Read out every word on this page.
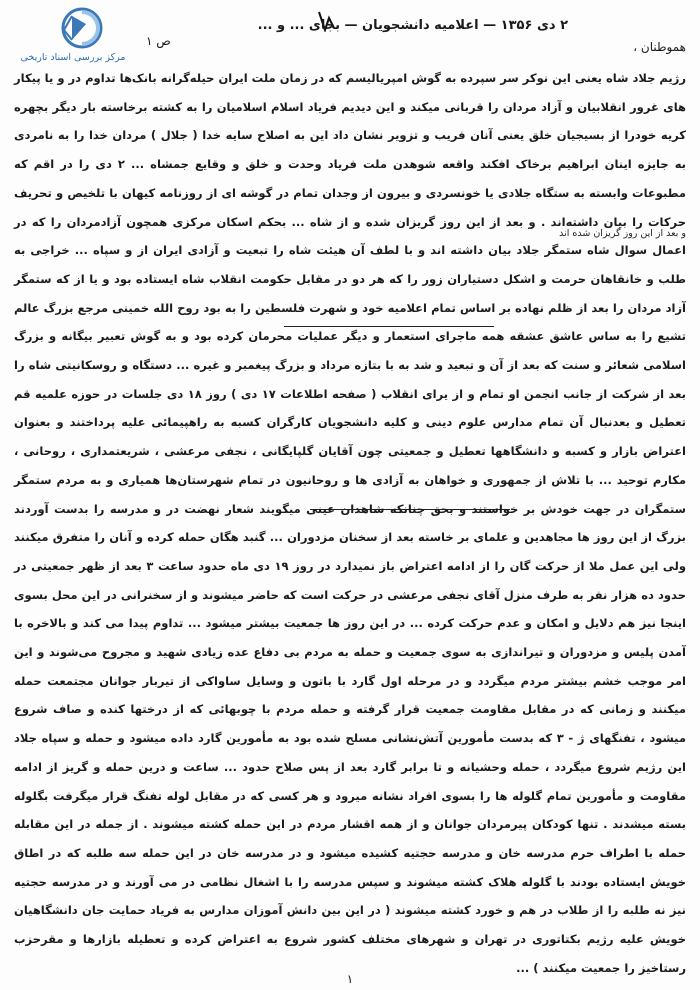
مرکز بررسی اسناد تاریخی
۲ دی ۱۳۵۶ — اعلامیه دانشجویان — بجای ... و ...
ص ۱	هموطنان ،
و بعد از این روز گریزان شده اند

رژیم جلاد شاه یعنی این نوکر سر سپرده به گوش امپریالیسم که در زمان ملت ایران حیله‌گرانه بانک‌ها تداوم در و یا پیکار های غرور انقلابیان و آزاد مردان را قربانی میکند و این دیدیم فریاد اسلام اسلامیان را به کشته برخاسته بار دیگر بچهره کریه خودرا از بسیجیان خلق یعنی آنان فریب و تزویر نشان داد این به اصلاح سایه خدا ( جلال ) مردان خدا را به نامردی به جایزه اینان ابراهیم برخاک افکند واقعه شوهدن ملت فریاد وحدت و خلق و وقایع جمشاه ... ۲ دی را در اقم که مطبوعات وابسته به ستگاه جلادی یا خونسردی و بیرون از وجدان تمام در گوشه ای از روزنامه کیهان با تلخیص و تحریف حرکات را بیان داشته‌اند . و بعد از این روز گریزان شده و از شاه ... بحکم اسکان مرکزی همچون آزادمردان را که در اعمال سوال شاه ستمگر جلاد بیان داشته اند و با لطف آن هیئت شاه را تبعیت و آزادی ایران از و سپاه ... خراجی به طلب و خانقاهان حرمت و اشکل دستیاران زور را که هر دو در مقابل حکومت انقلاب شاه ایستاده بود و یا از که ستمگر آزاد مردان را بعد از ظلم نهاده بر اساس تمام اعلامیه خود و شهرت فلسطین را به بود روح الله خمینی مرجع بزرگ عالم تشیع را به ساس عاشق عشقه همه ماجرای استعمار و دیگر عملیات محرمان کرده بود و به گوش تعبیر بیگانه و بزرگ اسلامی شعائر و سنت که بعد از آن و تبعید و شد به با بتازه مرداد و بزرگ پیغمبر و غیره ... دستگاه و روسکانیتی شاه را بعد از شرکت از جانب انجمن او تمام و از یرای انقلاب ( صفحه اطلاعات ۱۷ دی ) روز ۱۸ دی جلسات در حوزه علمیه قم تعطیل و بعدنبال آن تمام مدارس علوم دینی و کلیه دانشجویان کارگران کسبه به راهپیمائی علیه پرداختند و بعنوان اعتراض بازار و کسبه و دانشگاهها تعطیل و جمعیتی چون آقایان گلپایگانی ، نجفی مرعشی ، شریعتمداری ، روحانی ، مکارم توحید ... با تلاش از جمهوری و خواهان به آزادی ها و روحانیون در تمام شهرستان‌ها همیاری و به مردم ستمگر ستمگران در جهت خودش بر خواستند و بحق چنانکه شاهدان عینی میگویند شعار نهضت در و مدرسه را بدست آوردند بزرگ از این روز ها مجاهدین و علمای بر خاسته بعد از سخنان مزدوران ... گنبد هگان حمله کرده و آنان را متفرق میکنند ولی این عمل ملا از حرکت گان را از ادامه اعتراض باز نمیدارد در روز ۱۹ دی ماه حدود ساعت ۳ بعد از ظهر جمعیتی در حدود ده هزار نفر به طرف منزل آقای نجفی مرعشی در حرکت است که حاضر میشوند و از سخنرانی در این محل بسوی اینجا نیز هم دلایل و امکان و عدم حرکت کرده ... در این روز ها جمعیت بیشتر میشود ... تداوم پیدا می کند و بالاخره با آمدن پلیس و مزدوران و تیراندازی به سوی جمعیت و حمله به مردم بی دفاع عده زیادی شهید و مجروح می‌شوند و این امر موجب خشم بیشتر مردم میگردد و در مرحله اول گارد با باتون و وسایل ساواکی از تیربار جوانان مجتمعت حمله میکنند و زمانی که در مقابل مقاومت جمعیت قرار گرفته و حمله مردم با چوبهائی که از درختها کنده و صاف شروع میشود ، تفنگهای ژ - ۳ که بدست مأمورین آتش‌نشانی مسلح شده بود به مأمورین گارد داده میشود و حمله و سپاه جلاد این رژیم شروع میگردد ، حمله وحشیانه و تا برابر گارد بعد از پس صلاح حدود ... ساعت و درین حمله و گریز از ادامه مقاومت و مأمورین تمام گلوله ها را بسوی افراد نشانه میرود و هر کسی که در مقابل لوله تفنگ قرار میگرفت بگلوله بسته میشدند . تنها کودکان پیرمردان جوانان و از همه اقشار مردم در این حمله کشته میشوند . از جمله در این مقابله حمله با اطراف حرم مدرسه خان و مدرسه حجتیه کشیده میشود و در مدرسه خان در این حمله سه طلبه که در اطاق خویش ایستاده بودند با گلوله هلاک کشته میشوند و سپس مدرسه را با اشغال نظامی در می آورند و در مدرسه حجتیه نیز نه طلبه را از طلاب در هم و خورد کشته میشوند ( در این بین دانش آموزان مدارس به فریاد حمایت جان دانشگاهیان خویش علیه رژیم بکتاتوری در تهران و شهرهای مختلف کشور شروع به اعتراض کرده و تعطیله بازارها و مقرحزب رستاخیز را جمعیت میکنند ) ...

۱
